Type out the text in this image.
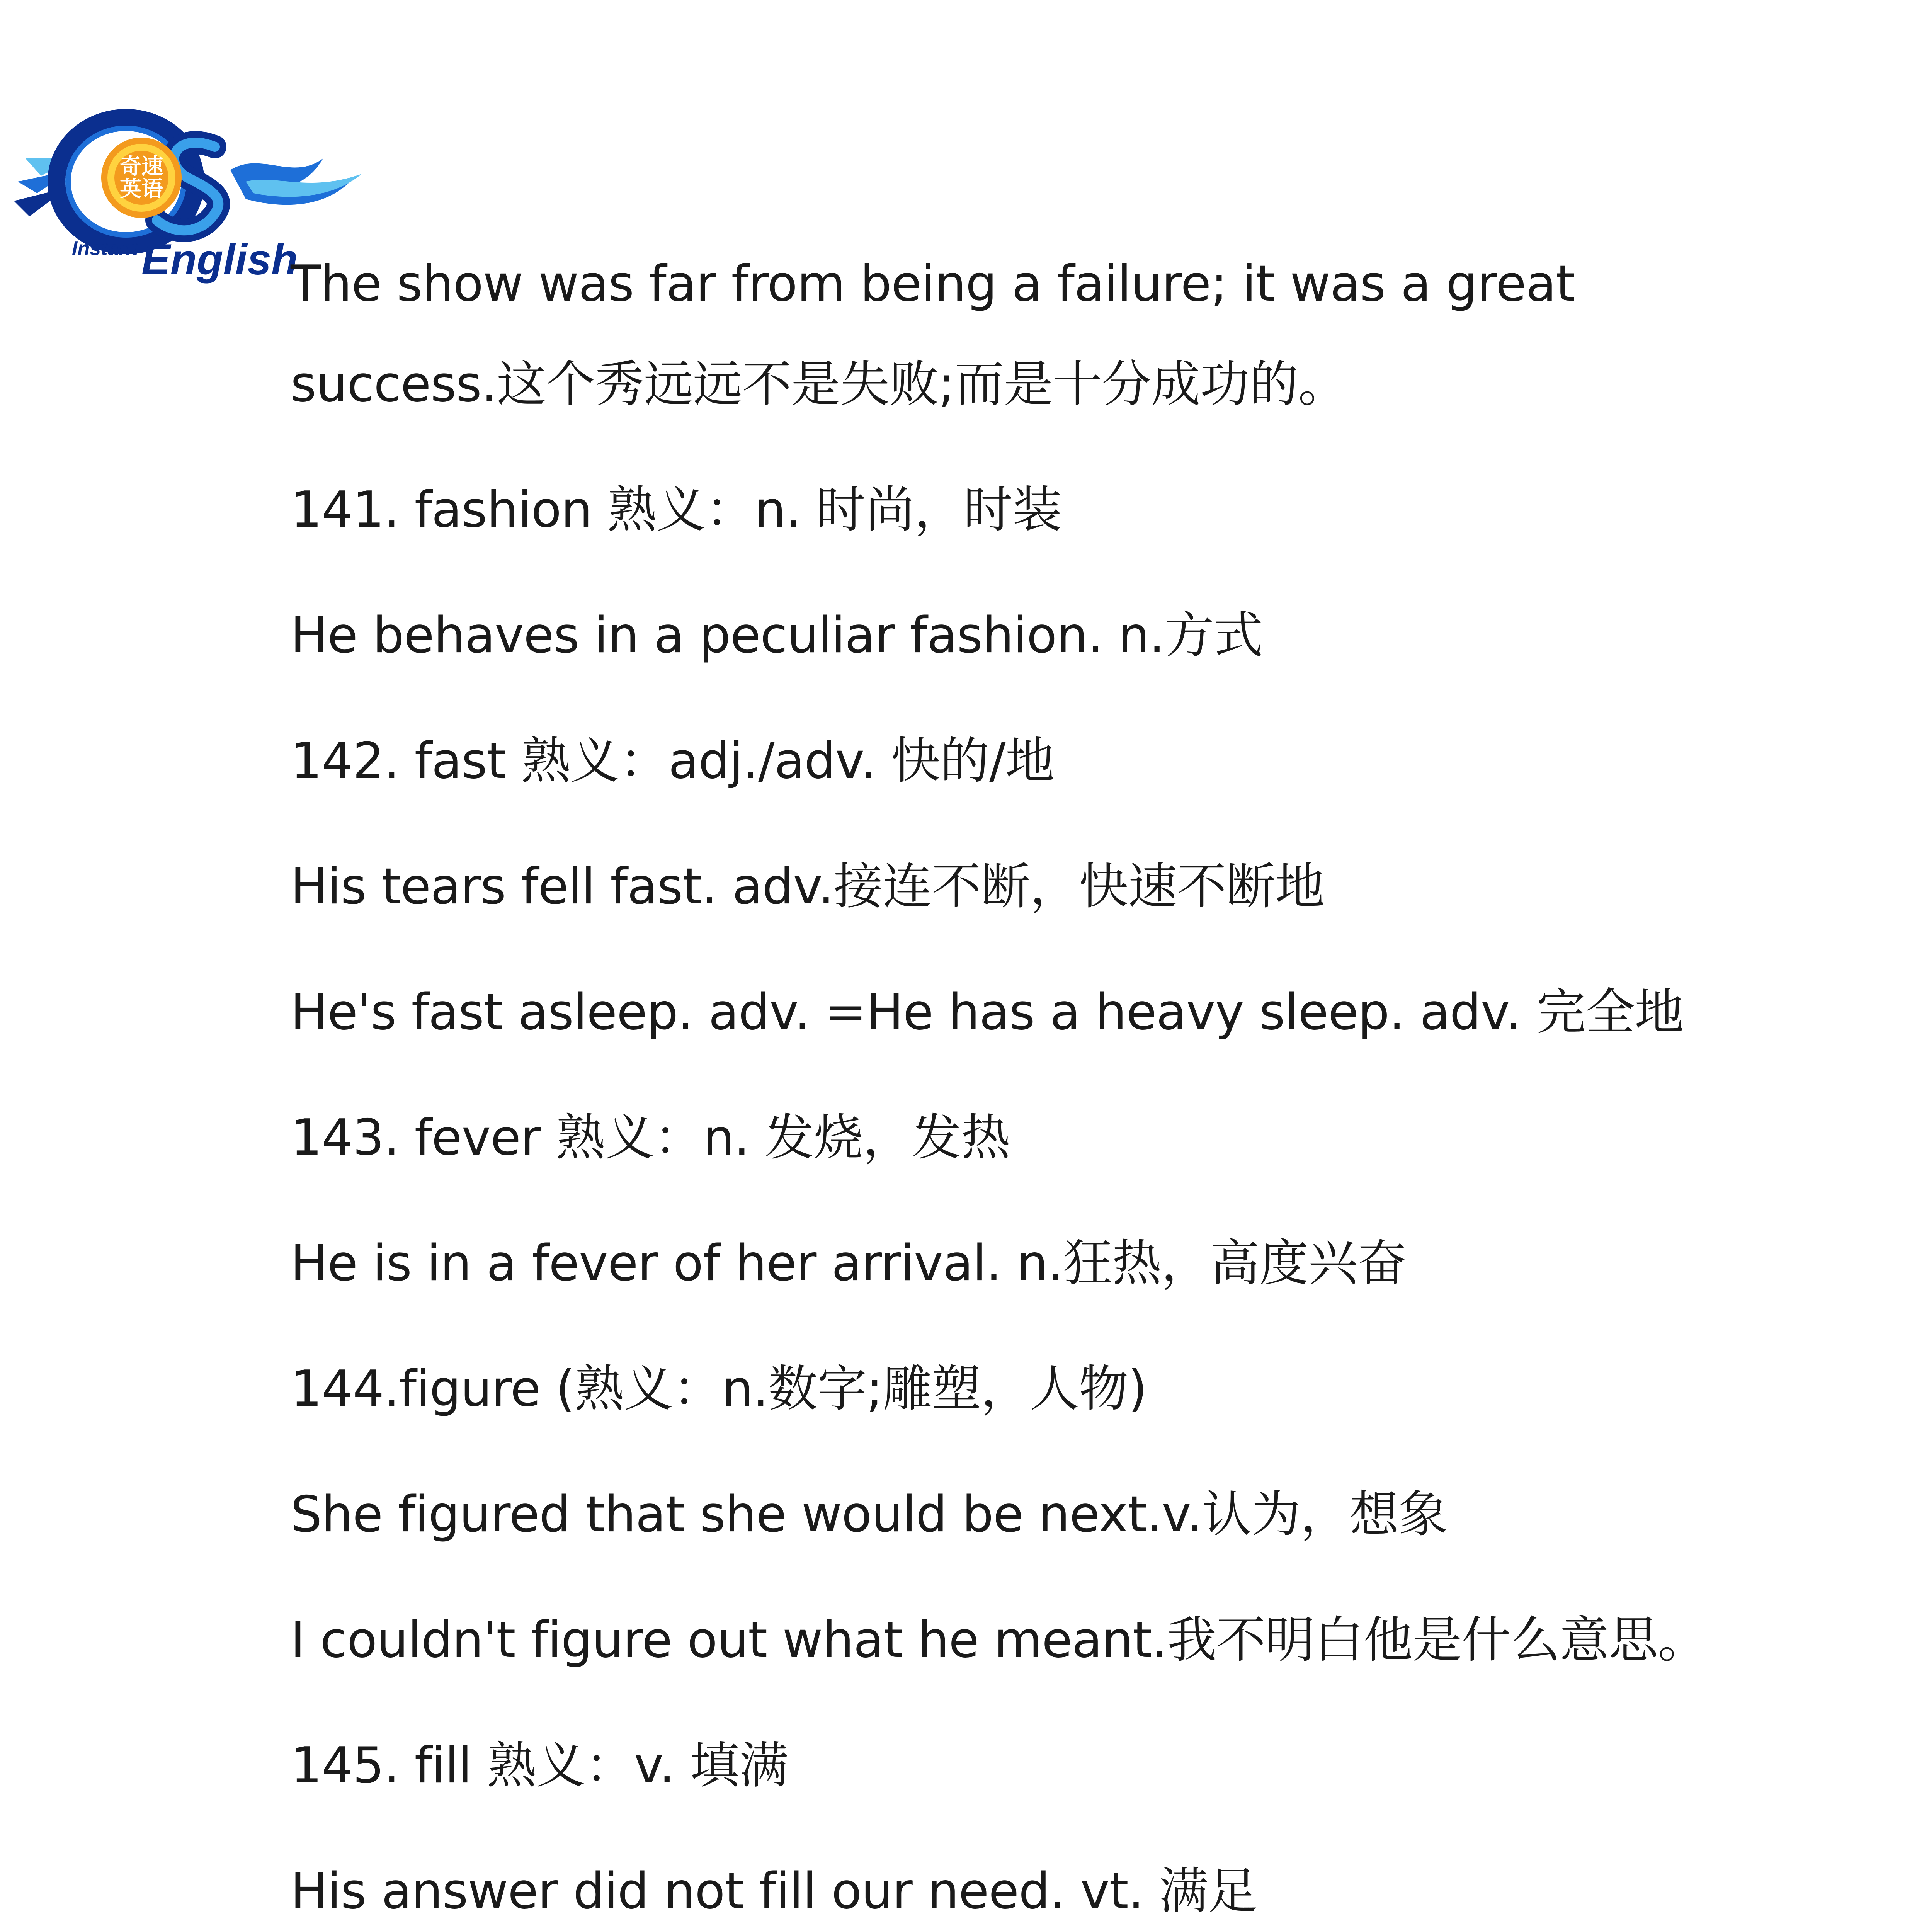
奇速
英语
Instant English
The show was far from being a failure; it was a great
success.这个秀远远不是失败;而是十分成功的。
141. fashion 熟义：n. 时尚，时装
He behaves in a peculiar fashion. n.方式
142. fast 熟义：adj./adv. 快的/地
His tears fell fast. adv.接连不断，快速不断地
He's fast asleep. adv. =He has a heavy sleep. adv. 完全地
143. fever 熟义：n. 发烧，发热
He is in a fever of her arrival. n.狂热，高度兴奋
144.figure (熟义：n.数字;雕塑，人物)
She figured that she would be next.v.认为，想象
I couldn't figure out what he meant.我不明白他是什么意思。
145. fill 熟义：v. 填满
His answer did not fill our need. vt. 满足
